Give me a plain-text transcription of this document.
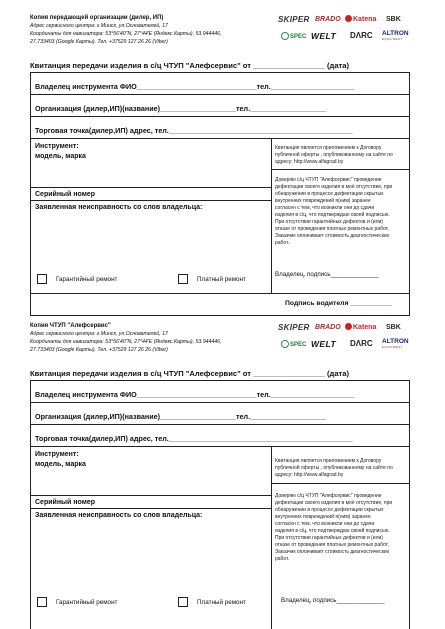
Копия передающей организации (дилер, ИП)
Адрес сервисного центра: г.Минск, ул.Основателей, 17
Координаты для навигатора: 53°56'40"N, 27°44'E (Яндекс.Карты), 53.944446,
27.733403 (Google Карты). Тел. +37529 127 26 26 (Viber)
SKIPER BRADO	Katena SBK
SPEC WELT DΛRC ALTRON
EQUIPMENT
Квитанция передачи изделия в с/ц ЧТУП "Алефсервис" от _________________ (дата)
Владелец инструмента ФИО______________________________тел._____________________
Организация (дилер,ИП)(название)___________________тел.___________________
Торговая точка(дилер,ИП) адрес, тел.______________________________________________
Инструмент:
модель, марка
Серийный номер
Заявленная неисправность со слов владельца:

Квитанция является приложением к Договору

публичной оферты , опубликованному на сайте по

адресу: http://www.alfagrad.by

Доверяю с/ц ЧТУП "Алефсервис" проведение

дефектации своего изделия в моё отсутствие, при

обнаружении в процессе дефектации скрытых

внутренних повреждений я(ним) заранее

согласен с тем, что возникли они до сдачи

изделия в с/ц, что подтверждаю своей подписью.

При отсутствии гарантийных дефектов и (или)

отказе от проведения платных ремонтных работ,

Заказчик оплачивает стоимость диагностических

работ.

Владелец, подпись______________
Гарантийный ремонт	Платный ремонт
Подпись водителя ___________
Копия ЧТУП "Алефсервис"
Адрес сервисного центра: г.Минск, ул.Основателей, 17
Координаты для навигатора: 53°56'40"N, 27°44'E (Яндекс.Карты), 53.944446,
27.733403 (Google Карты). Тел. +37529 127 26 26 (Viber)
SKIPER BRADO	Katena SBK
SPEC WELT DΛRC ALTRON
EQUIPMENT
Квитанция передачи изделия в с/ц ЧТУП "Алефсервис" от _________________ (дата)
Владелец инструмента ФИО______________________________тел._____________________
Организация (дилер,ИП)(название)___________________тел.___________________
Торговая точка(дилер,ИП) адрес, тел.______________________________________________
Инструмент:
модель, марка
Серийный номер
Заявленная неисправность со слов владельца:

Квитанция является приложением к Договору

публичной оферты , опубликованному на сайте по

адресу: http://www.alfagrad.by

Доверяю с/ц ЧТУП "Алефсервис" проведение

дефектации своего изделия в моё отсутствие, при

обнаружении в процессе дефектации скрытых

внутренних повреждений я(ним) заранее

согласен с тем, что возникли они до сдачи

изделия в с/ц, что подтверждаю своей подписью.

При отсутствии гарантийных дефектов и (или)

отказе от проведения платных ремонтных работ,

Заказчик оплачивает стоимость диагностических

работ.

Владелец, подпись______________
Гарантийный ремонт	Платный ремонт
